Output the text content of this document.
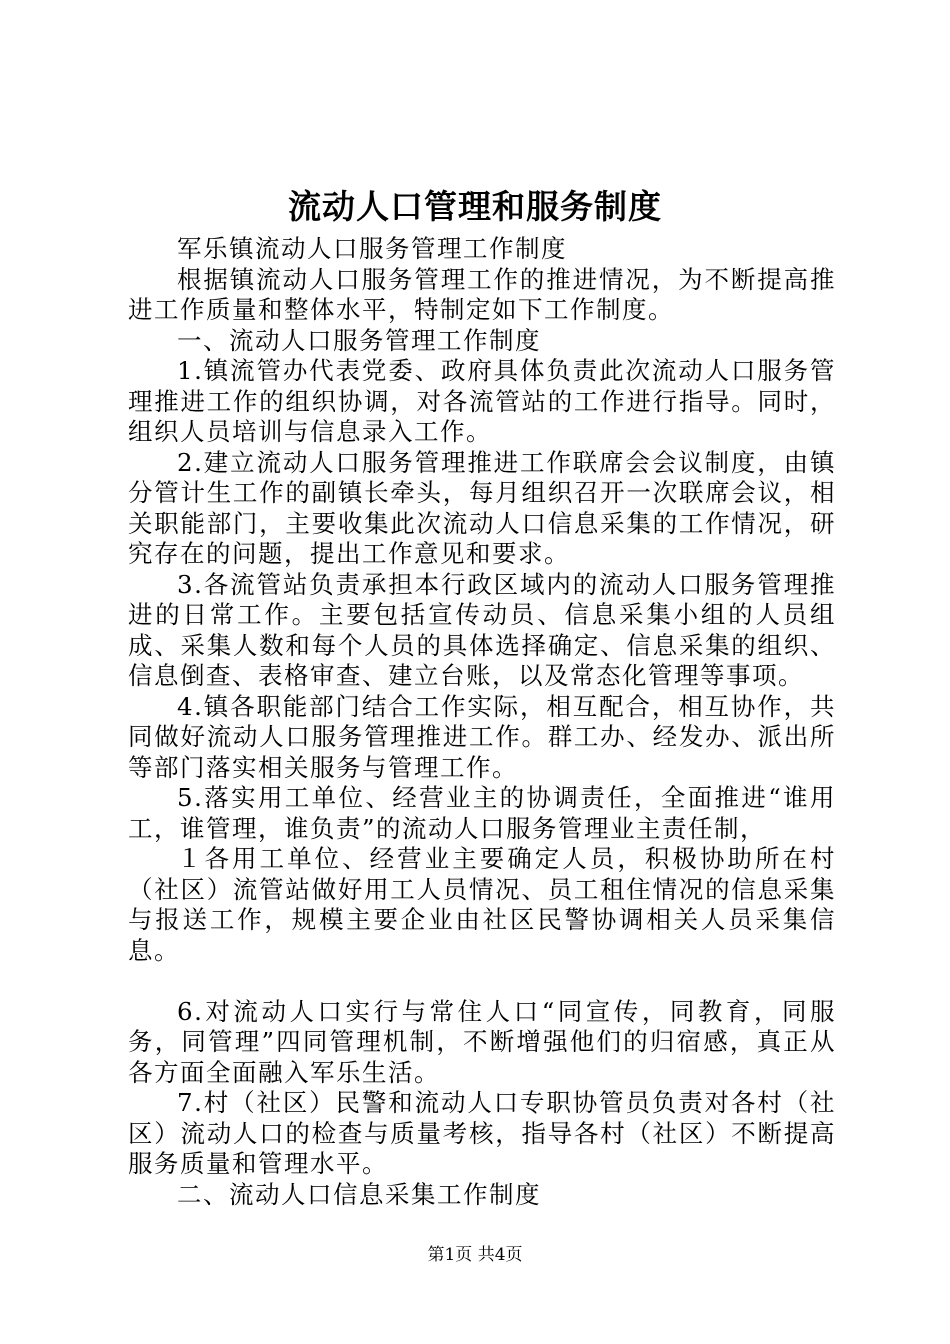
流动人口管理和服务制度

军乐镇流动人口服务管理工作制度

根据镇流动人口服务管理工作的推进情况，为不断提高推进工作质量和整体水平，特制定如下工作制度。

一、流动人口服务管理工作制度

1.镇流管办代表党委、政府具体负责此次流动人口服务管理推进工作的组织协调，对各流管站的工作进行指导。同时，组织人员培训与信息录入工作。

2.建立流动人口服务管理推进工作联席会会议制度，由镇分管计生工作的副镇长牵头，每月组织召开一次联席会议，相关职能部门，主要收集此次流动人口信息采集的工作情况，研究存在的问题，提出工作意见和要求。

3.各流管站负责承担本行政区域内的流动人口服务管理推进的日常工作。主要包括宣传动员、信息采集小组的人员组成、采集人数和每个人员的具体选择确定、信息采集的组织、信息倒查、表格审查、建立台账，以及常态化管理等事项。

4.镇各职能部门结合工作实际，相互配合，相互协作，共同做好流动人口服务管理推进工作。群工办、经发办、派出所等部门落实相关服务与管理工作。

5.落实用工单位、经营业主的协调责任，全面推进“谁用工，谁管理，谁负责”的流动人口服务管理业主责任制，

１各用工单位、经营业主要确定人员，积极协助所在村（社区）流管站做好用工人员情况、员工租住情况的信息采集与报送工作，规模主要企业由社区民警协调相关人员采集信息。

6.对流动人口实行与常住人口“同宣传，同教育，同服务，同管理”四同管理机制，不断增强他们的归宿感，真正从各方面全面融入军乐生活。

7.村（社区）民警和流动人口专职协管员负责对各村（社区）流动人口的检查与质量考核，指导各村（社区）不断提高服务质量和管理水平。

二、流动人口信息采集工作制度

第1页 共4页
